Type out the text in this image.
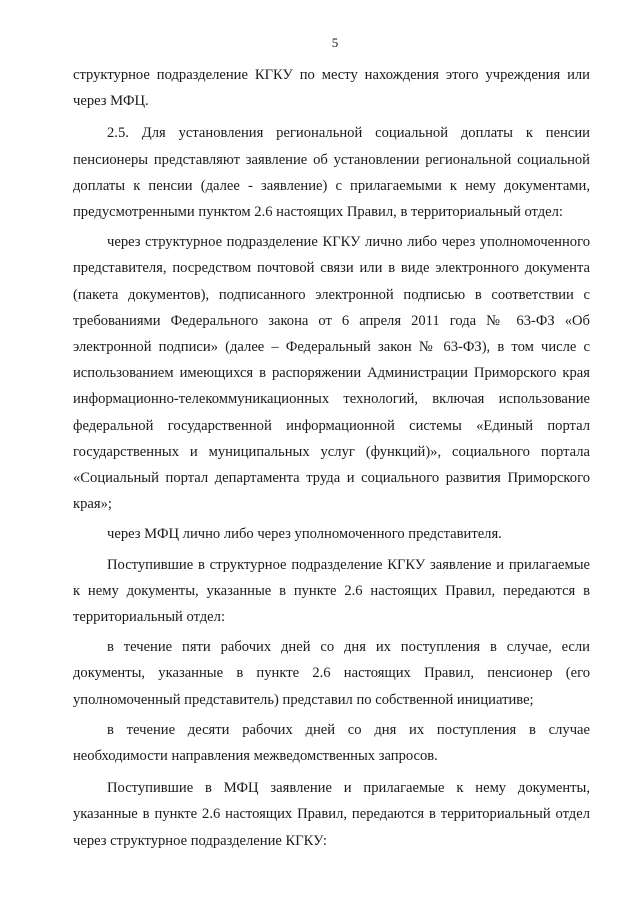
5

структурное подразделение КГКУ по месту нахождения этого учреждения или через МФЦ.

2.5. Для установления региональной социальной доплаты к пенсии пенсионеры представляют заявление об установлении региональной социальной доплаты к пенсии (далее - заявление) с прилагаемыми к нему документами, предусмотренными пунктом 2.6 настоящих Правил, в территориальный отдел:

через структурное подразделение КГКУ лично либо через уполномоченного представителя, посредством почтовой связи или в виде электронного документа (пакета документов), подписанного электронной подписью в соответствии с требованиями Федерального закона от 6 апреля 2011 года № 63-ФЗ «Об электронной подписи» (далее – Федеральный закон № 63-ФЗ), в том числе с использованием имеющихся в распоряжении Администрации Приморского края информационно-телекоммуникационных технологий, включая использование федеральной государственной информационной системы «Единый портал государственных и муниципальных услуг (функций)», социального портала «Социальный портал департамента труда и социального развития Приморского края»;

через МФЦ лично либо через уполномоченного представителя.

Поступившие в структурное подразделение КГКУ заявление и прилагаемые к нему документы, указанные в пункте 2.6 настоящих Правил, передаются в территориальный отдел:

в течение пяти рабочих дней со дня их поступления в случае, если документы, указанные в пункте 2.6 настоящих Правил, пенсионер (его уполномоченный представитель) представил по собственной инициативе;

в течение десяти рабочих дней со дня их поступления в случае необходимости направления межведомственных запросов.

Поступившие в МФЦ заявление и прилагаемые к нему документы, указанные в пункте 2.6 настоящих Правил, передаются в территориальный отдел через структурное подразделение КГКУ:
